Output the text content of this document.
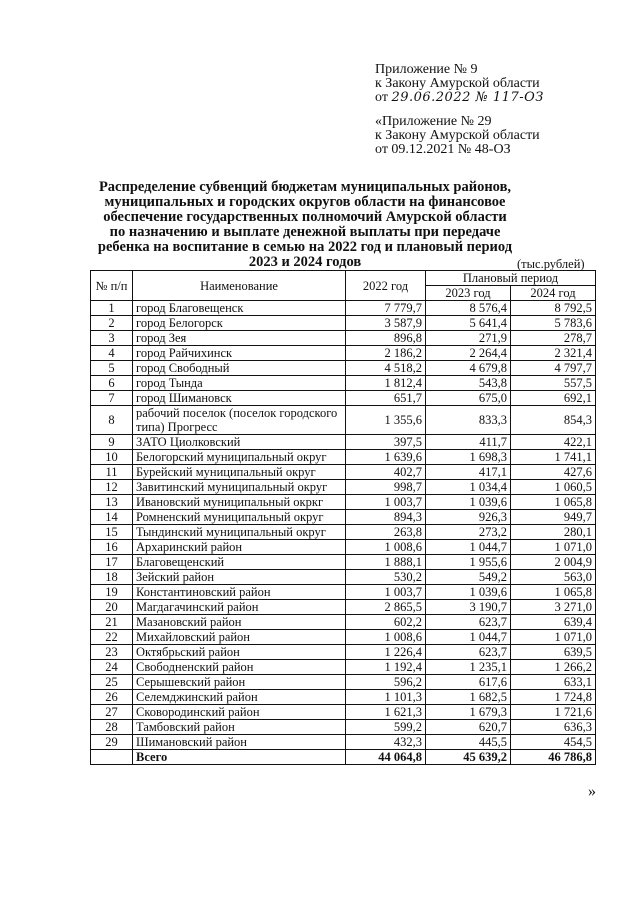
Приложение № 9
к Закону Амурской области
от 29.06.2022 № 117-ОЗ
«Приложение № 29
к Закону Амурской области
от 09.12.2021 № 48-ОЗ
Распределение субвенций бюджетам муниципальных районов, муниципальных и городских округов области на финансовое обеспечение государственных полномочий Амурской области по назначению и выплате денежной выплаты при передаче ребенка на воспитание в семью на 2022 год и плановый период 2023 и 2024 годов	(тыс.рублей)
№ п/п	Наименование	2022 год	Плановый период	
			2023 год	2024 год
1	город Благовещенск	7 779,7	8 576,4	8 792,5
2	город Белогорск	3 587,9	5 641,4	5 783,6
3	город Зея	896,8	271,9	278,7
4	город Райчихинск	2 186,2	2 264,4	2 321,4
5	город Свободный	4 518,2	4 679,8	4 797,7
6	город Тында	1 812,4	543,8	557,5
7	город Шимановск	651,7	675,0	692,1
8	рабочий поселок (поселок городского типа) Прогресс	1 355,6	833,3	854,3
9	ЗАТО Циолковский	397,5	411,7	422,1
10	Белогорский муниципальный округ	1 639,6	1 698,3	1 741,1
11	Бурейский муниципальный округ	402,7	417,1	427,6
12	Завитинский муниципальный округ	998,7	1 034,4	1 060,5
13	Ивановский муниципальный окркг	1 003,7	1 039,6	1 065,8
14	Ромненский муниципальный округ	894,3	926,3	949,7
15	Тындинский муниципальный округ	263,8	273,2	280,1
16	Архаринский район	1 008,6	1 044,7	1 071,0
17	Благовещенский	1 888,1	1 955,6	2 004,9
18	Зейский район	530,2	549,2	563,0
19	Константиновский район	1 003,7	1 039,6	1 065,8
20	Магдагачинский район	2 865,5	3 190,7	3 271,0
21	Мазановский район	602,2	623,7	639,4
22	Михайловский район	1 008,6	1 044,7	1 071,0
23	Октябрьский район	1 226,4	623,7	639,5
24	Свободненский район	1 192,4	1 235,1	1 266,2
25	Серышевский район	596,2	617,6	633,1
26	Селемджинский район	1 101,3	1 682,5	1 724,8
27	Сковородинский район	1 621,3	1 679,3	1 721,6
28	Тамбовский район	599,2	620,7	636,3
29	Шимановский район	432,3	445,5	454,5
	Всего	44 064,8	45 639,2	46 786,8
»
